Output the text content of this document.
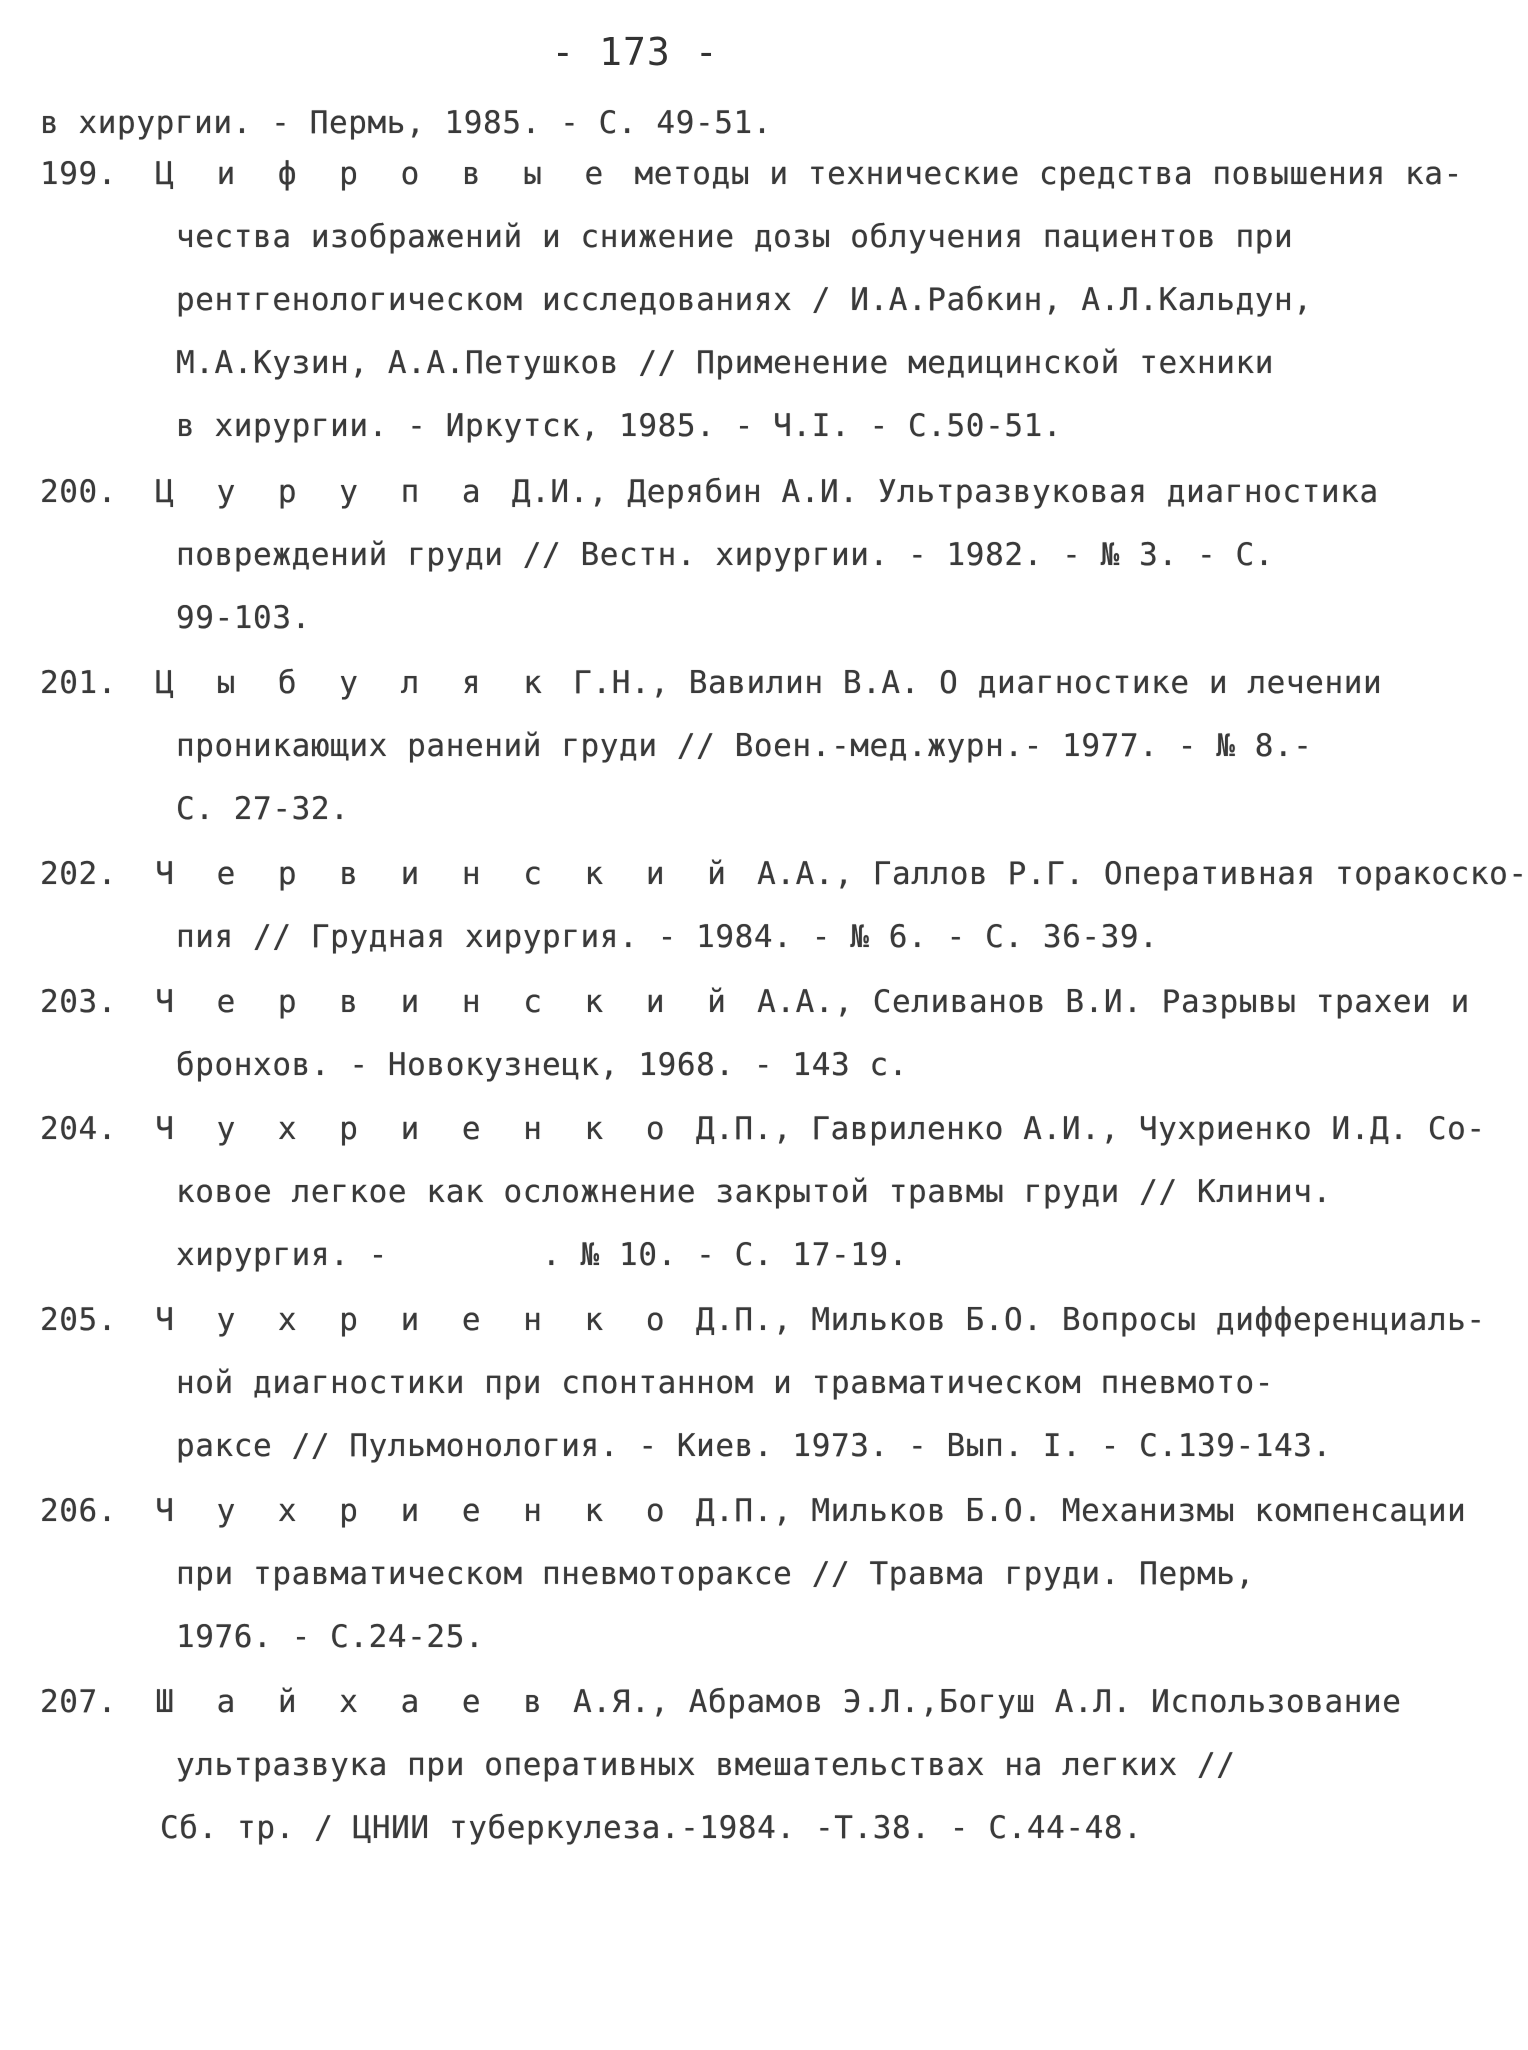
- 173 -
в хирургии. - Пермь, 1985. - С. 49-51.
199. Ц и ф р о в ы е методы и технические средства повышения ка-
чества изображений и снижение дозы облучения пациентов при
рентгенологическом исследованиях / И.А.Рабкин, А.Л.Кальдун,
М.А.Кузин, А.А.Петушков // Применение медицинской техники
в хирургии. - Иркутск, 1985. - Ч.I. - С.50-51.
200. Ц у р у п а Д.И., Дерябин А.И. Ультразвуковая диагностика
повреждений груди // Вестн. хирургии. - 1982. - № 3. - С.
99-103.
201. Ц ы б у л я к Г.Н., Вавилин В.А. О диагностике и лечении
проникающих ранений груди // Воен.-мед.журн.- 1977. - № 8.-
С. 27-32.
202. Ч е р в и н с к и й А.А., Галлов Р.Г. Оперативная торакоско-
пия // Грудная хирургия. - 1984. - № 6. - С. 36-39.
203. Ч е р в и н с к и й А.А., Селиванов В.И. Разрывы трахеи и
бронхов. - Новокузнецк, 1968. - 143 с.
204. Ч у х р и е н к о Д.П., Гавриленко А.И., Чухриенко И.Д. Со-
ковое легкое как осложнение закрытой травмы груди // Клинич.
хирургия. -        . № 10. - С. 17-19.
205. Ч у х р и е н к о Д.П., Мильков Б.О. Вопросы дифференциаль-
ной диагностики при спонтанном и травматическом пневмото-
раксе // Пульмонология. - Киев. 1973. - Вып. I. - С.139-143.
206. Ч у х р и е н к о Д.П., Мильков Б.О. Механизмы компенсации
при травматическом пневмотораксе // Травма груди. Пермь,
1976. - С.24-25.
207. Ш а й х а е в А.Я., Абрамов Э.Л.,Богуш А.Л. Использование
ультразвука при оперативных вмешательствах на легких //
Сб. тр. / ЦНИИ туберкулеза.-1984. -Т.38. - С.44-48.
